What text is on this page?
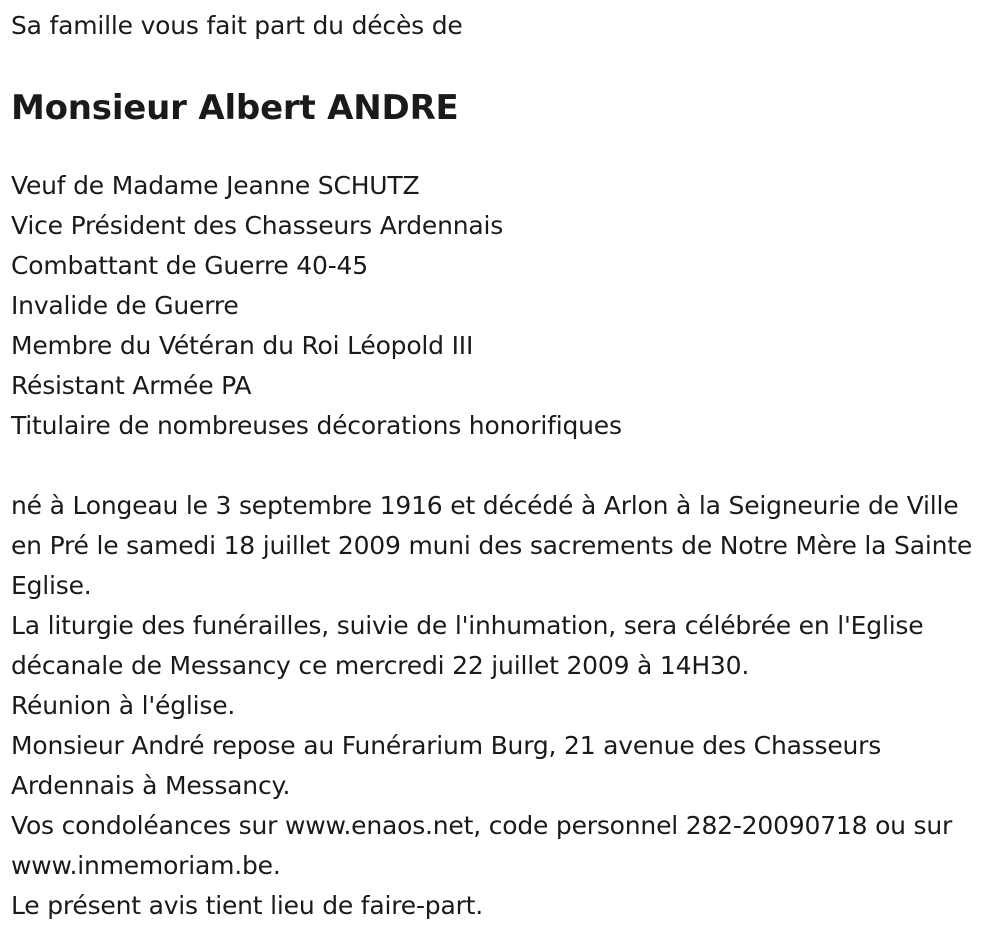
Sa famille vous fait part du décès de

Monsieur Albert ANDRE
Veuf de Madame Jeanne SCHUTZ
Vice Président des Chasseurs Ardennais
Combattant de Guerre 40-45
Invalide de Guerre
Membre du Vétéran du Roi Léopold III
Résistant Armée PA
Titulaire de nombreuses décorations honorifiques

né à Longeau le 3 septembre 1916 et décédé à Arlon à la Seigneurie de Ville en Pré le samedi 18 juillet 2009 muni des sacrements de Notre Mère la Sainte Eglise.

La liturgie des funérailles, suivie de l'inhumation, sera célébrée en l'Eglise décanale de Messancy ce mercredi 22 juillet 2009 à 14H30.

Réunion à l'église.

Monsieur André repose au Funérarium Burg, 21 avenue des Chasseurs Ardennais à Messancy.

Vos condoléances sur www.enaos.net, code personnel 282-20090718 ou sur www.inmemoriam.be.

Le présent avis tient lieu de faire-part.
